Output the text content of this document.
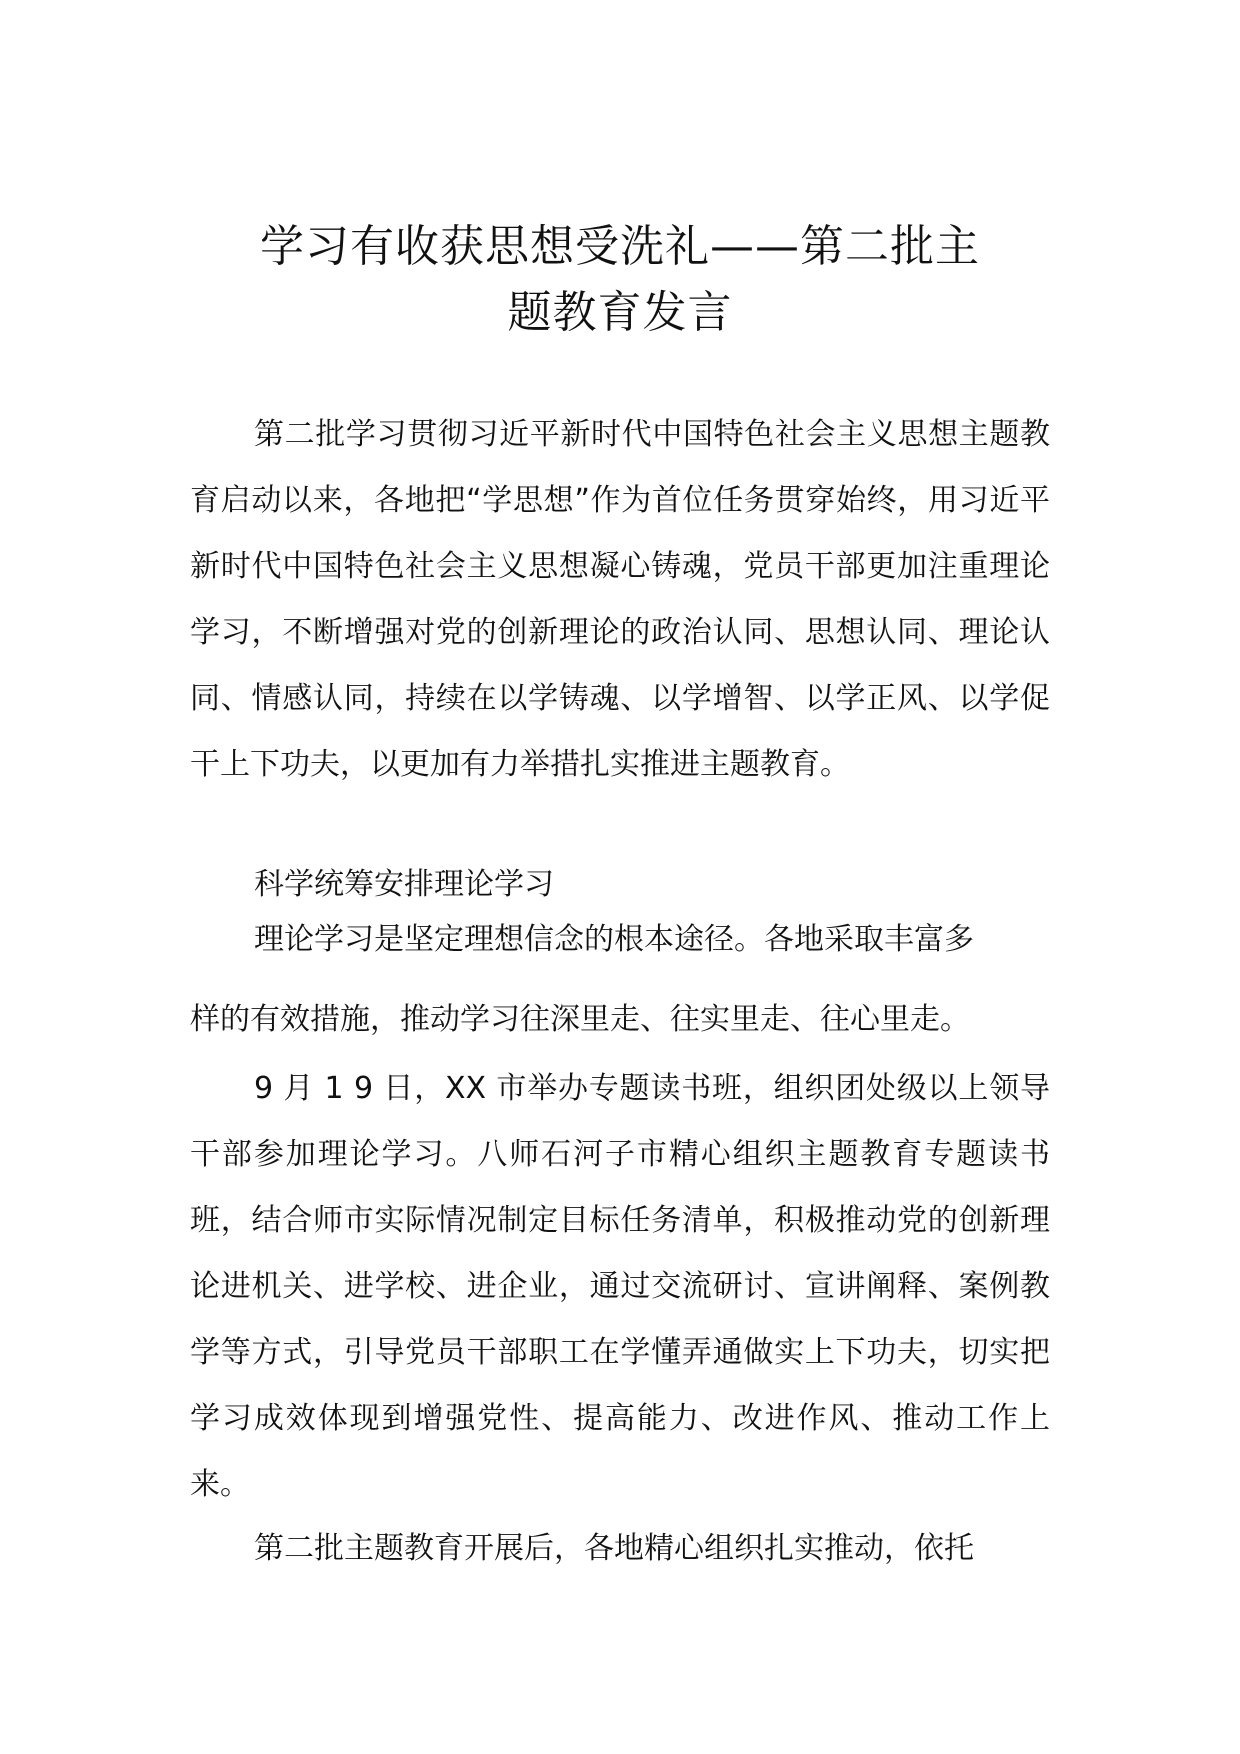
学习有收获思想受洗礼——第二批主
题教育发言

第二批学习贯彻习近平新时代中国特色社会主义思想主题教育启动以来，各地把“学思想”作为首位任务贯穿始终，用习近平新时代中国特色社会主义思想凝心铸魂，党员干部更加注重理论学习，不断增强对党的创新理论的政治认同、思想认同、理论认同、情感认同，持续在以学铸魂、以学增智、以学正风、以学促干上下功夫，以更加有力举措扎实推进主题教育。

科学统筹安排理论学习

理论学习是坚定理想信念的根本途径。各地采取丰富多

样的有效措施，推动学习往深里走、往实里走、往心里走。

9 月 1 9 日，XX 市举办专题读书班，组织团处级以上领导干部参加理论学习。八师石河子市精心组织主题教育专题读书班，结合师市实际情况制定目标任务清单，积极推动党的创新理论进机关、进学校、进企业，通过交流研讨、宣讲阐释、案例教学等方式，引导党员干部职工在学懂弄通做实上下功夫，切实把学习成效体现到增强党性、提高能力、改进作风、推动工作上来。

第二批主题教育开展后，各地精心组织扎实推动，依托
